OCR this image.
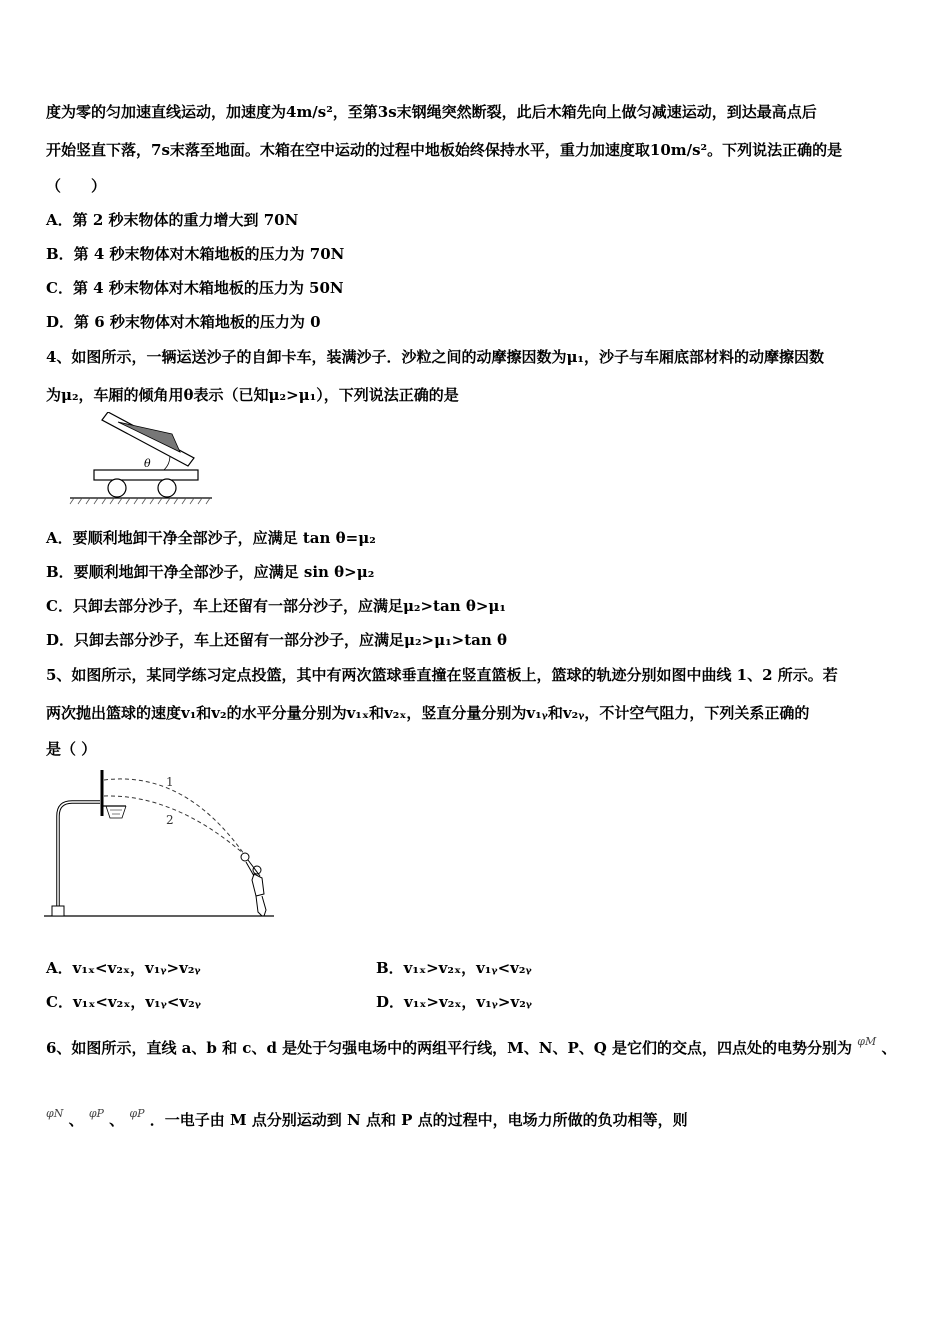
度为零的匀加速直线运动，加速度为4m/s²，至第3s末钢绳突然断裂，此后木箱先向上做匀减速运动，到达最高点后
开始竖直下落，7s末落至地面。木箱在空中运动的过程中地板始终保持水平，重力加速度取10m/s²。下列说法正确的是
（　　）
A．第 2 秒末物体的重力增大到 70N
B．第 4 秒末物体对木箱地板的压力为 70N
C．第 4 秒末物体对木箱地板的压力为 50N
D．第 6 秒末物体对木箱地板的压力为 0
4、如图所示，一辆运送沙子的自卸卡车，装满沙子．沙粒之间的动摩擦因数为μ₁，沙子与车厢底部材料的动摩擦因数
为μ₂，车厢的倾角用θ表示（已知μ₂>μ₁），下列说法正确的是
θ
A．要顺利地卸干净全部沙子，应满足 tan θ=μ₂
B．要顺利地卸干净全部沙子，应满足 sin θ>μ₂
C．只卸去部分沙子，车上还留有一部分沙子，应满足μ₂>tan θ>μ₁
D．只卸去部分沙子，车上还留有一部分沙子，应满足μ₂>μ₁>tan θ
5、如图所示，某同学练习定点投篮，其中有两次篮球垂直撞在竖直篮板上，篮球的轨迹分别如图中曲线 1、2 所示。若
两次抛出篮球的速度v₁和v₂的水平分量分别为v₁ₓ和v₂ₓ，竖直分量分别为v₁ᵧ和v₂ᵧ，不计空气阻力，下列关系正确的
是（ ）
1
2
A．v₁ₓ<v₂ₓ，v₁ᵧ>v₂ᵧ	B．v₁ₓ>v₂ₓ，v₁ᵧ<v₂ᵧ
C．v₁ₓ<v₂ₓ，v₁ᵧ<v₂ᵧ	D．v₁ₓ>v₂ₓ，v₁ᵧ>v₂ᵧ
6、如图所示，直线 a、b 和 c、d 是处于匀强电场中的两组平行线，M、N、P、Q 是它们的交点，四点处的电势分别为 $^{\varphi M}$ 、
$^{\varphi N}$ 、 $^{\varphi P}$ 、 $^{\varphi P}$ ．一电子由 M 点分别运动到 N 点和 P 点的过程中，电场力所做的负功相等，则
